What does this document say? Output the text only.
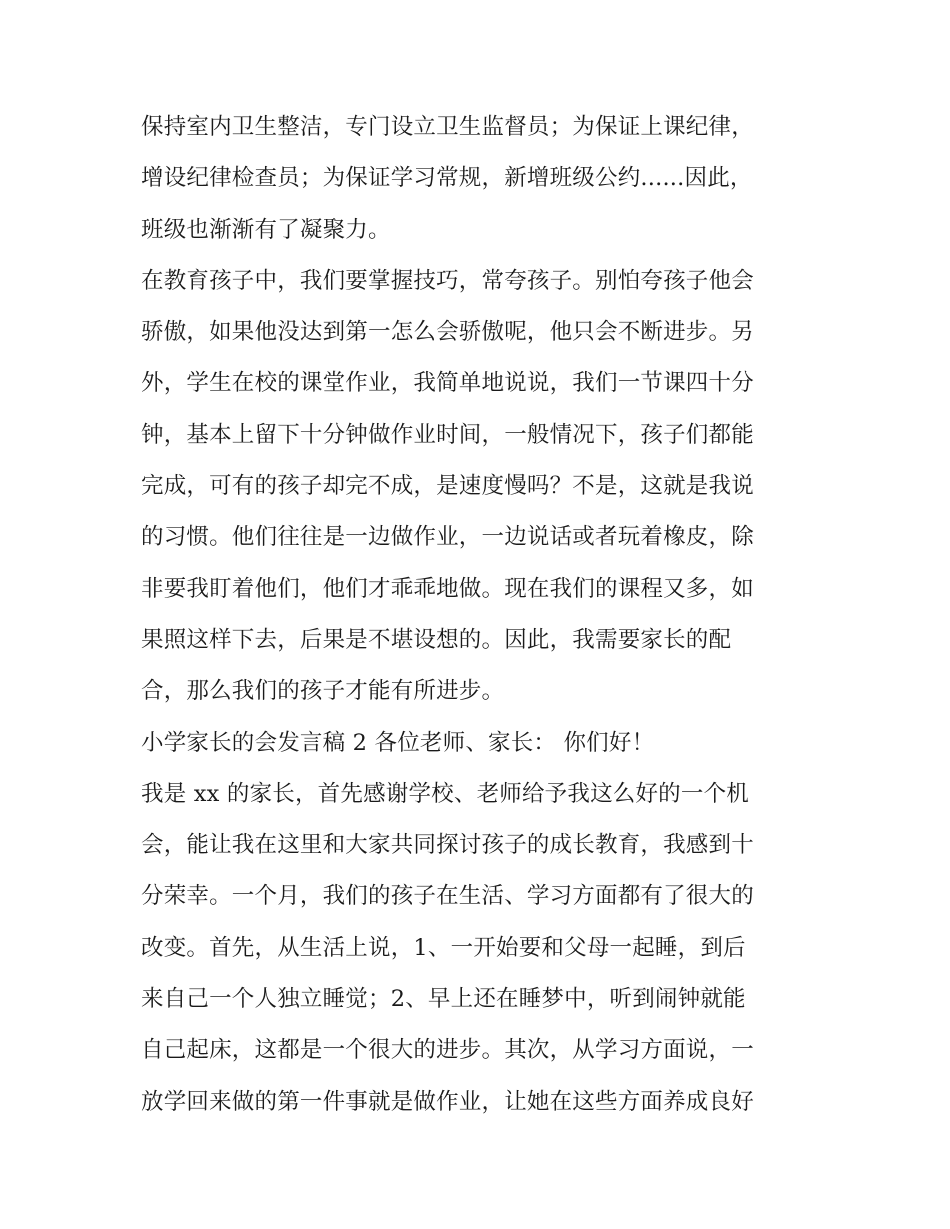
保持室内卫生整洁，专门设立卫生监督员；为保证上课纪律，
增设纪律检查员；为保证学习常规，新增班级公约......因此，
班级也渐渐有了凝聚力。
在教育孩子中，我们要掌握技巧，常夸孩子。别怕夸孩子他会
骄傲，如果他没达到第一怎么会骄傲呢，他只会不断进步。另
外，学生在校的课堂作业，我简单地说说，我们一节课四十分
钟，基本上留下十分钟做作业时间，一般情况下，孩子们都能
完成，可有的孩子却完不成，是速度慢吗？不是，这就是我说
的习惯。他们往往是一边做作业，一边说话或者玩着橡皮，除
非要我盯着他们，他们才乖乖地做。现在我们的课程又多，如
果照这样下去，后果是不堪设想的。因此，我需要家长的配
合，那么我们的孩子才能有所进步。
小学家长的会发言稿 2 各位老师、家长： 你们好！
我是 xx 的家长，首先感谢学校、老师给予我这么好的一个机
会，能让我在这里和大家共同探讨孩子的成长教育，我感到十
分荣幸。一个月，我们的孩子在生活、学习方面都有了很大的
改变。首先，从生活上说，1、一开始要和父母一起睡，到后
来自己一个人独立睡觉；2、早上还在睡梦中，听到闹钟就能
自己起床，这都是一个很大的进步。其次，从学习方面说，一
放学回来做的第一件事就是做作业，让她在这些方面养成良好
